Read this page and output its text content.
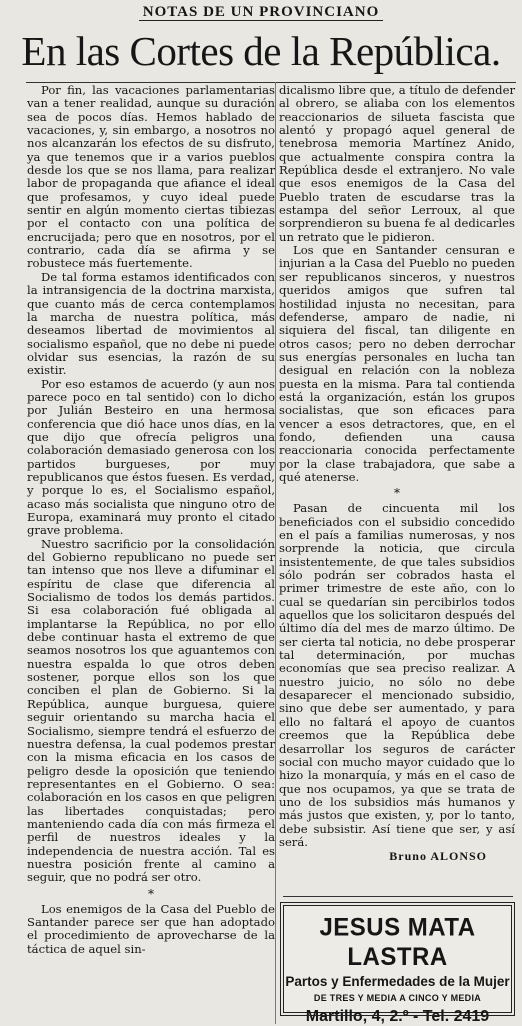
NOTAS DE UN PROVINCIANO
En las Cortes de la República.

Por fin, las vacaciones parlamentarias van a tener realidad, aunque su duración sea de pocos días. Hemos hablado de vacaciones, y, sin embargo, a nosotros no nos alcanzarán los efectos de su disfruto, ya que tenemos que ir a varios pueblos desde los que se nos llama, para realizar labor de propaganda que afiance el ideal que profesamos, y cuyo ideal puede sentir en algún momento ciertas tibiezas por el contacto con una política de encrucijada; pero que en nosotros, por el contrario, cada día se afirma y se robustece más fuertemente.

De tal forma estamos identificados con la intransigencia de la doctrina marxista, que cuanto más de cerca contemplamos la marcha de nuestra política, más deseamos libertad de movimientos al socialismo español, que no debe ni puede olvidar sus esencias, la razón de su existir.

Por eso estamos de acuerdo (y aun nos parece poco en tal sentido) con lo dicho por Julián Besteiro en una hermosa conferencia que dió hace unos días, en la que dijo que ofrecía peligros una colaboración demasiado generosa con los partidos burgueses, por muy republicanos que éstos fuesen. Es verdad, y porque lo es, el Socialismo español, acaso más socialista que ninguno otro de Europa, examinará muy pronto el citado grave problema.

Nuestro sacrificio por la consolidación del Gobierno republicano no puede ser tan intenso que nos lleve a difuminar el espíritu de clase que diferencia al Socialismo de todos los demás partidos. Si esa colaboración fué obligada al implantarse la República, no por ello debe continuar hasta el extremo de que seamos nosotros los que aguantemos con nuestra espalda lo que otros deben sostener, porque ellos son los que conciben el plan de Gobierno. Si la República, aunque burguesa, quiere seguir orientando su marcha hacia el Socialismo, siempre tendrá el esfuerzo de nuestra defensa, la cual podemos prestar con la misma eficacia en los casos de peligro desde la oposición que teniendo representantes en el Gobierno. O sea: colaboración en los casos en que peligren las libertades conquistadas; pero manteniendo cada día con más firmeza el perfil de nuestros ideales y la independencia de nuestra acción. Tal es nuestra posición frente al camino a seguir, que no podrá ser otro.

*

Los enemigos de la Casa del Pueblo de Santander parece ser que han adoptado el procedimiento de aprovecharse de la táctica de aquel sin-

dicalismo libre que, a título de defender al obrero, se aliaba con los elementos reaccionarios de silueta fascista que alentó y propagó aquel general de tenebrosa memoria Martínez Anido, que actualmente conspira contra la República desde el extranjero. No vale que esos enemigos de la Casa del Pueblo traten de escudarse tras la estampa del señor Lerroux, al que sorprendieron su buena fe al dedicarles un retrato que le pidieron.

Los que en Santander censuran e injurian a la Casa del Pueblo no pueden ser republicanos sinceros, y nuestros queridos amigos que sufren tal hostilidad injusta no necesitan, para defenderse, amparo de nadie, ni siquiera del fiscal, tan diligente en otros casos; pero no deben derrochar sus energías personales en lucha tan desigual en relación con la nobleza puesta en la misma. Para tal contienda está la organización, están los grupos socialistas, que son eficaces para vencer a esos detractores, que, en el fondo, defienden una causa reaccionaria conocida perfectamente por la clase trabajadora, que sabe a qué atenerse.

*

Pasan de cincuenta mil los beneficiados con el subsidio concedido en el país a familias numerosas, y nos sorprende la noticia, que circula insistentemente, de que tales subsidios sólo podrán ser cobrados hasta el primer trimestre de este año, con lo cual se quedarían sin percibirlos todos aquellos que los solicitaron después del último día del mes de marzo último. De ser cierta tal noticia, no debe prosperar tal determinación, por muchas economías que sea preciso realizar. A nuestro juicio, no sólo no debe desaparecer el mencionado subsidio, sino que debe ser aumentado, y para ello no faltará el apoyo de cuantos creemos que la República debe desarrollar los seguros de carácter social con mucho mayor cuidado que lo hizo la monarquía, y más en el caso de que nos ocupamos, ya que se trata de uno de los subsidios más humanos y más justos que existen, y, por lo tanto, debe subsistir. Así tiene que ser, y así será.

Bruno ALONSO
JESUS MATA LASTRA
Partos y Enfermedades de la Mujer
DE TRES Y MEDIA A CINCO Y MEDIA
Martillo, 4, 2.º - Tel. 2419
